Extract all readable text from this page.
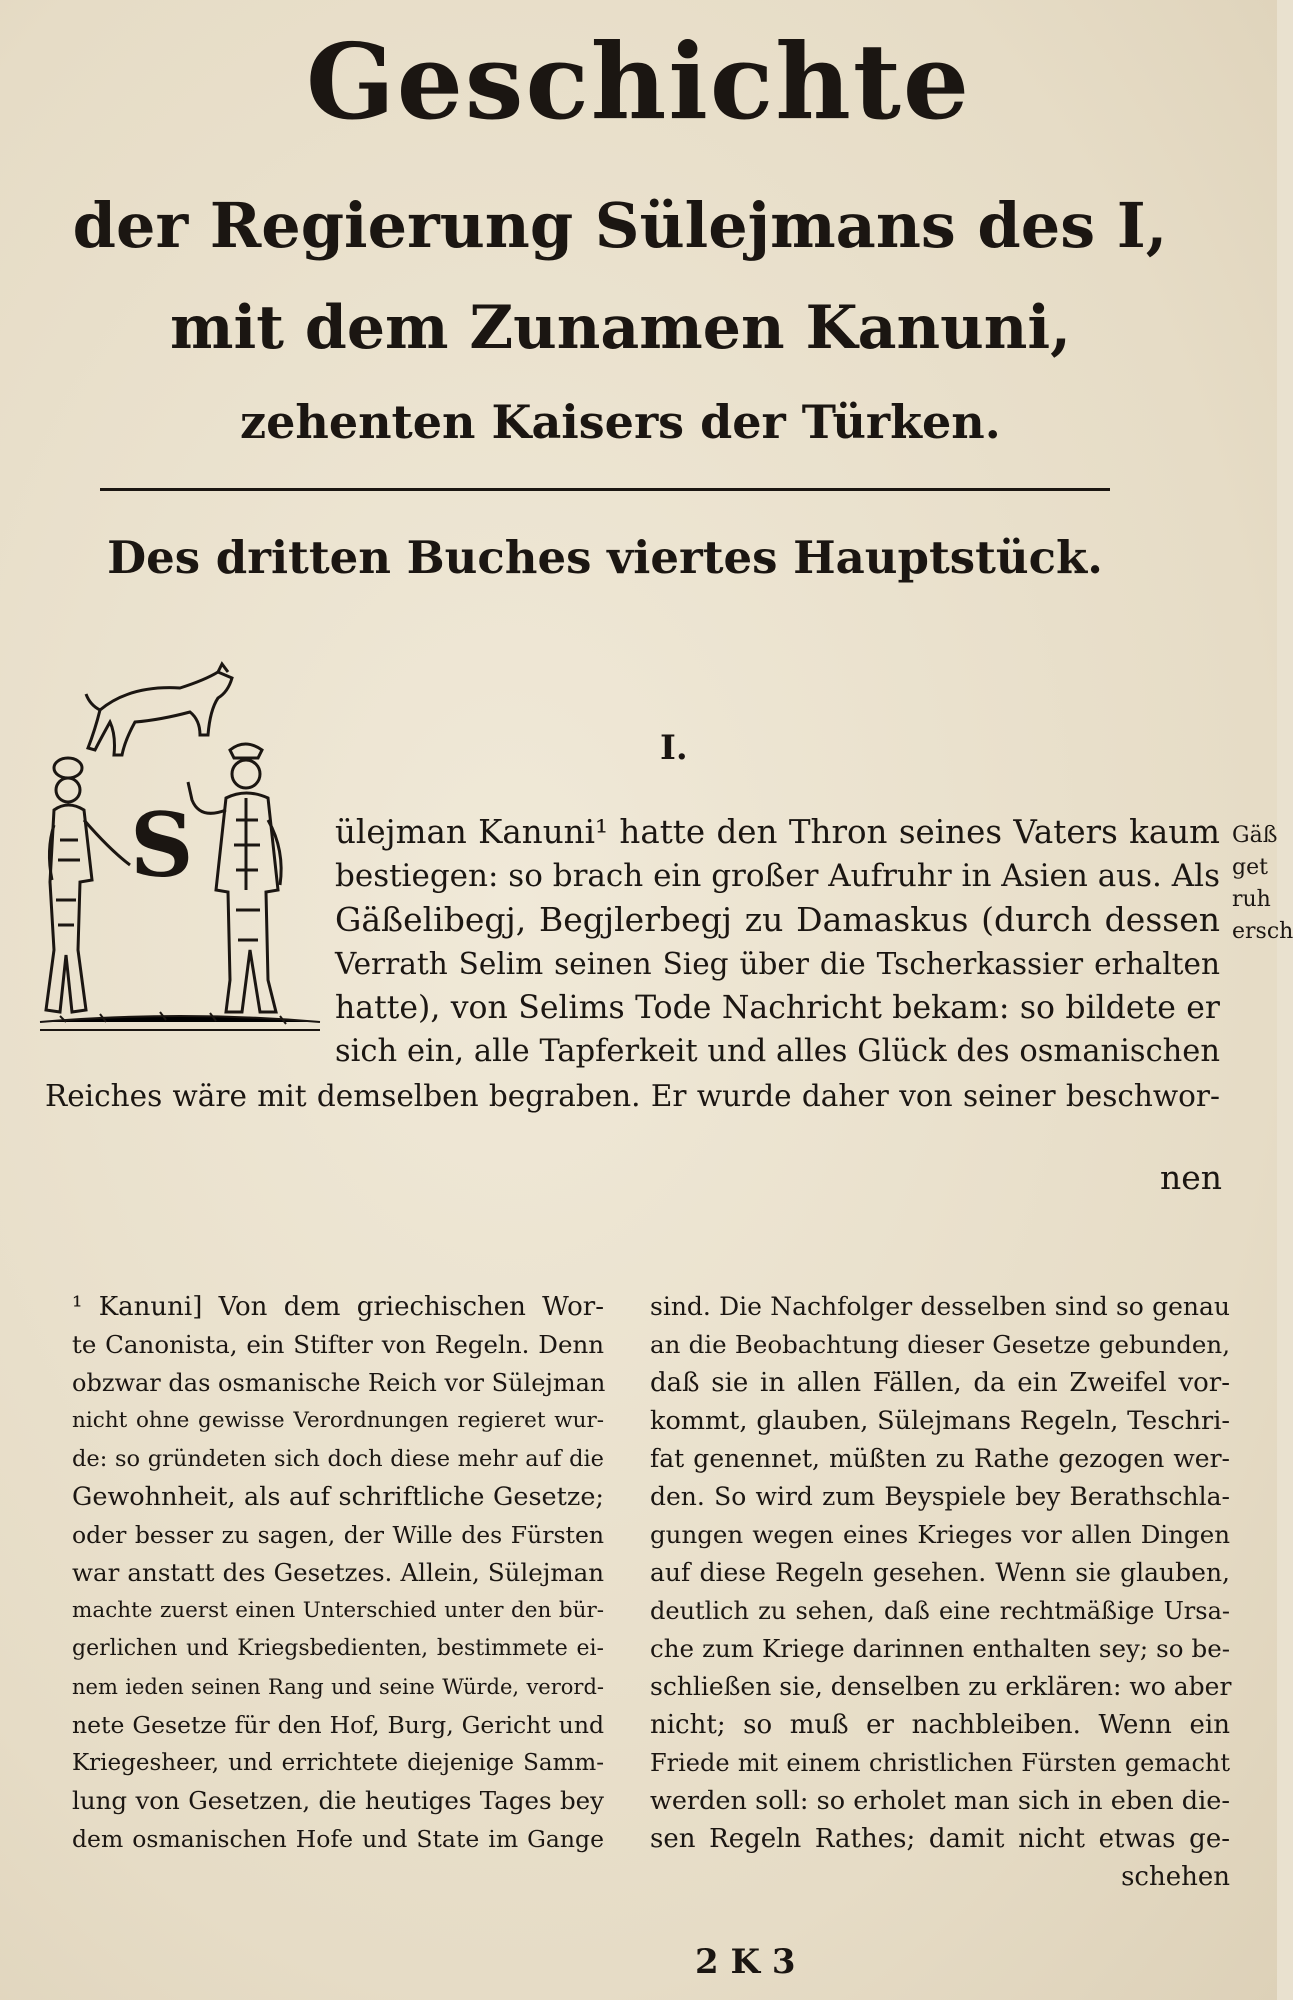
Geschichte
der Regierung Sülejmans des I,
mit dem Zunamen Kanuni,
zehenten Kaisers der Türken.
Des dritten Buches viertes Hauptstück.
I.
S	ülejman Kanuni¹ hatte den Thron seines Vaters kaum
bestiegen: so brach ein großer Aufruhr in Asien aus. Als
Gäßelibegj, Begjlerbegj zu Damaskus (durch dessen
Verrath Selim seinen Sieg über die Tscherkassier erhalten
hatte), von Selims Tode Nachricht bekam: so bildete er
sich ein, alle Tapferkeit und alles Glück des osmanischen
Reiches wäre mit demselben begraben. Er wurde daher von seiner beschwor-
nen
Gäß
get
ruh
ersch
¹ Kanuni] Von dem griechischen Wor-
te Canonista, ein Stifter von Regeln. Denn
obzwar das osmanische Reich vor Sülejman
nicht ohne gewisse Verordnungen regieret wur-
de: so gründeten sich doch diese mehr auf die
Gewohnheit, als auf schriftliche Gesetze;
oder besser zu sagen, der Wille des Fürsten
war anstatt des Gesetzes. Allein, Sülejman
machte zuerst einen Unterschied unter den bür-
gerlichen und Kriegsbedienten, bestimmete ei-
nem ieden seinen Rang und seine Würde, verord-
nete Gesetze für den Hof, Burg, Gericht und
Kriegesheer, und errichtete diejenige Samm-
lung von Gesetzen, die heutiges Tages bey
dem osmanischen Hofe und State im Gange
sind. Die Nachfolger desselben sind so genau
an die Beobachtung dieser Gesetze gebunden,
daß sie in allen Fällen, da ein Zweifel vor-
kommt, glauben, Sülejmans Regeln, Teschri-
fat genennet, müßten zu Rathe gezogen wer-
den. So wird zum Beyspiele bey Berathschla-
gungen wegen eines Krieges vor allen Dingen
auf diese Regeln gesehen. Wenn sie glauben,
deutlich zu sehen, daß eine rechtmäßige Ursa-
che zum Kriege darinnen enthalten sey; so be-
schließen sie, denselben zu erklären: wo aber
nicht; so muß er nachbleiben. Wenn ein
Friede mit einem christlichen Fürsten gemacht
werden soll: so erholet man sich in eben die-
sen Regeln Rathes; damit nicht etwas ge-
schehen
2 K 3
